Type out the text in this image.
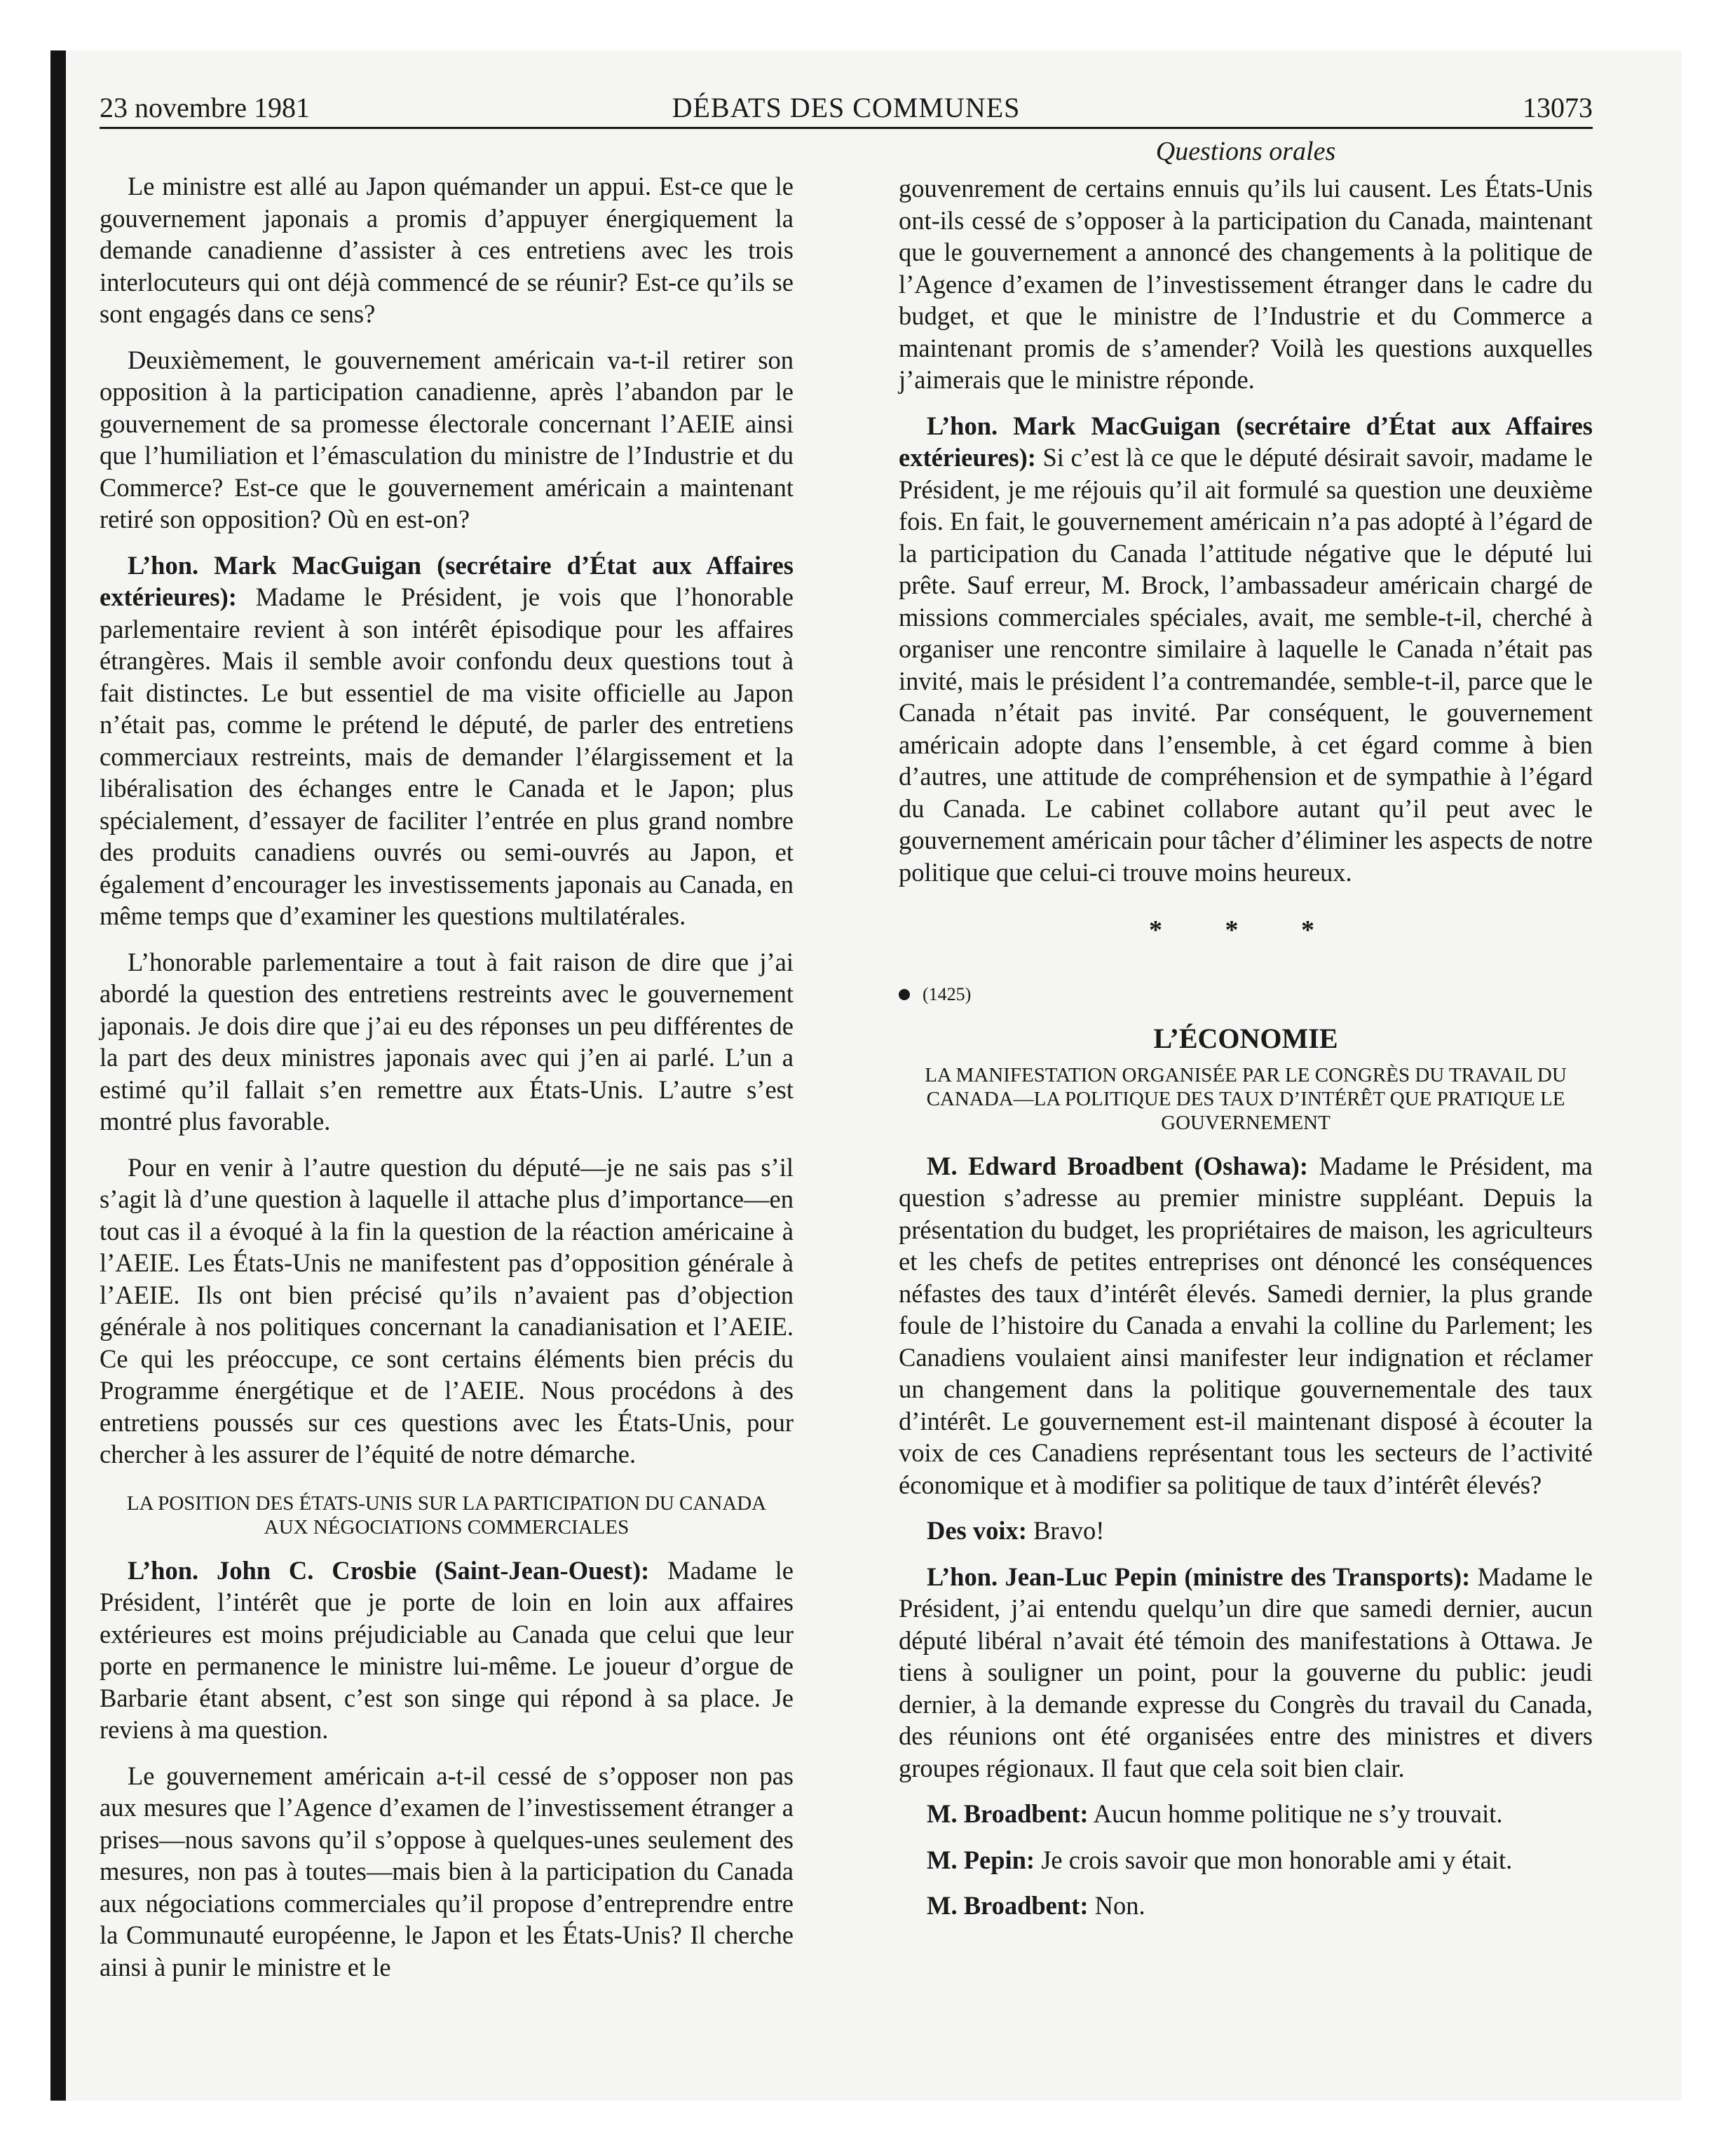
23 novembre 1981	DÉBATS DES COMMUNES	13073

Le ministre est allé au Japon quémander un appui. Est-ce que le gouvernement japonais a promis d’appuyer énergiquement la demande canadienne d’assister à ces entretiens avec les trois interlocuteurs qui ont déjà commencé de se réunir? Est-ce qu’ils se sont engagés dans ce sens?

Deuxièmement, le gouvernement américain va-t-il retirer son opposition à la participation canadienne, après l’abandon par le gouvernement de sa promesse électorale concernant l’AEIE ainsi que l’humiliation et l’émasculation du ministre de l’Industrie et du Commerce? Est-ce que le gouvernement américain a maintenant retiré son opposition? Où en est-on?

L’hon. Mark MacGuigan (secrétaire d’État aux Affaires extérieures): Madame le Président, je vois que l’honorable parlementaire revient à son intérêt épisodique pour les affaires étrangères. Mais il semble avoir confondu deux questions tout à fait distinctes. Le but essentiel de ma visite officielle au Japon n’était pas, comme le prétend le député, de parler des entretiens commerciaux restreints, mais de demander l’élargissement et la libéralisation des échanges entre le Canada et le Japon; plus spécialement, d’essayer de faciliter l’entrée en plus grand nombre des produits canadiens ouvrés ou semi-ouvrés au Japon, et également d’encourager les investissements japonais au Canada, en même temps que d’examiner les questions multilatérales.

L’honorable parlementaire a tout à fait raison de dire que j’ai abordé la question des entretiens restreints avec le gouvernement japonais. Je dois dire que j’ai eu des réponses un peu différentes de la part des deux ministres japonais avec qui j’en ai parlé. L’un a estimé qu’il fallait s’en remettre aux États-Unis. L’autre s’est montré plus favorable.

Pour en venir à l’autre question du député—je ne sais pas s’il s’agit là d’une question à laquelle il attache plus d’importance—en tout cas il a évoqué à la fin la question de la réaction américaine à l’AEIE. Les États-Unis ne manifestent pas d’opposition générale à l’AEIE. Ils ont bien précisé qu’ils n’avaient pas d’objection générale à nos politiques concernant la canadianisation et l’AEIE. Ce qui les préoccupe, ce sont certains éléments bien précis du Programme énergétique et de l’AEIE. Nous procédons à des entretiens poussés sur ces questions avec les États-Unis, pour chercher à les assurer de l’équité de notre démarche.

LA POSITION DES ÉTATS-UNIS SUR LA PARTICIPATION DU CANADA AUX NÉGOCIATIONS COMMERCIALES

L’hon. John C. Crosbie (Saint-Jean-Ouest): Madame le Président, l’intérêt que je porte de loin en loin aux affaires extérieures est moins préjudiciable au Canada que celui que leur porte en permanence le ministre lui-même. Le joueur d’orgue de Barbarie étant absent, c’est son singe qui répond à sa place. Je reviens à ma question.

Le gouvernement américain a-t-il cessé de s’opposer non pas aux mesures que l’Agence d’examen de l’investissement étranger a prises—nous savons qu’il s’oppose à quelques-unes seulement des mesures, non pas à toutes—mais bien à la participation du Canada aux négociations commerciales qu’il propose d’entreprendre entre la Communauté européenne, le Japon et les États-Unis? Il cherche ainsi à punir le ministre et le

Questions orales

gouvenrement de certains ennuis qu’ils lui causent. Les États-Unis ont-ils cessé de s’opposer à la participation du Canada, maintenant que le gouvernement a annoncé des changements à la politique de l’Agence d’examen de l’investissement étranger dans le cadre du budget, et que le ministre de l’Industrie et du Commerce a maintenant promis de s’amender? Voilà les questions auxquelles j’aimerais que le ministre réponde.

L’hon. Mark MacGuigan (secrétaire d’État aux Affaires extérieures): Si c’est là ce que le député désirait savoir, madame le Président, je me réjouis qu’il ait formulé sa question une deuxième fois. En fait, le gouvernement américain n’a pas adopté à l’égard de la participation du Canada l’attitude négative que le député lui prête. Sauf erreur, M. Brock, l’ambassadeur américain chargé de missions commerciales spéciales, avait, me semble-t-il, cherché à organiser une rencontre similaire à laquelle le Canada n’était pas invité, mais le président l’a contremandée, semble-t-il, parce que le Canada n’était pas invité. Par conséquent, le gouvernement américain adopte dans l’ensemble, à cet égard comme à bien d’autres, une attitude de compréhension et de sympathie à l’égard du Canada. Le cabinet collabore autant qu’il peut avec le gouvernement américain pour tâcher d’éliminer les aspects de notre politique que celui-ci trouve moins heureux.

* * *
(1425)
L’ÉCONOMIE
LA MANIFESTATION ORGANISÉE PAR LE CONGRÈS DU TRAVAIL DU CANADA—LA POLITIQUE DES TAUX D’INTÉRÊT QUE PRATIQUE LE GOUVERNEMENT

M. Edward Broadbent (Oshawa): Madame le Président, ma question s’adresse au premier ministre suppléant. Depuis la présentation du budget, les propriétaires de maison, les agriculteurs et les chefs de petites entreprises ont dénoncé les conséquences néfastes des taux d’intérêt élevés. Samedi dernier, la plus grande foule de l’histoire du Canada a envahi la colline du Parlement; les Canadiens voulaient ainsi manifester leur indignation et réclamer un changement dans la politique gouvernementale des taux d’intérêt. Le gouvernement est-il maintenant disposé à écouter la voix de ces Canadiens représentant tous les secteurs de l’activité économique et à modifier sa politique de taux d’intérêt élevés?

Des voix: Bravo!

L’hon. Jean-Luc Pepin (ministre des Transports): Madame le Président, j’ai entendu quelqu’un dire que samedi dernier, aucun député libéral n’avait été témoin des manifestations à Ottawa. Je tiens à souligner un point, pour la gouverne du public: jeudi dernier, à la demande expresse du Congrès du travail du Canada, des réunions ont été organisées entre des ministres et divers groupes régionaux. Il faut que cela soit bien clair.

M. Broadbent: Aucun homme politique ne s’y trouvait.

M. Pepin: Je crois savoir que mon honorable ami y était.

M. Broadbent: Non.
